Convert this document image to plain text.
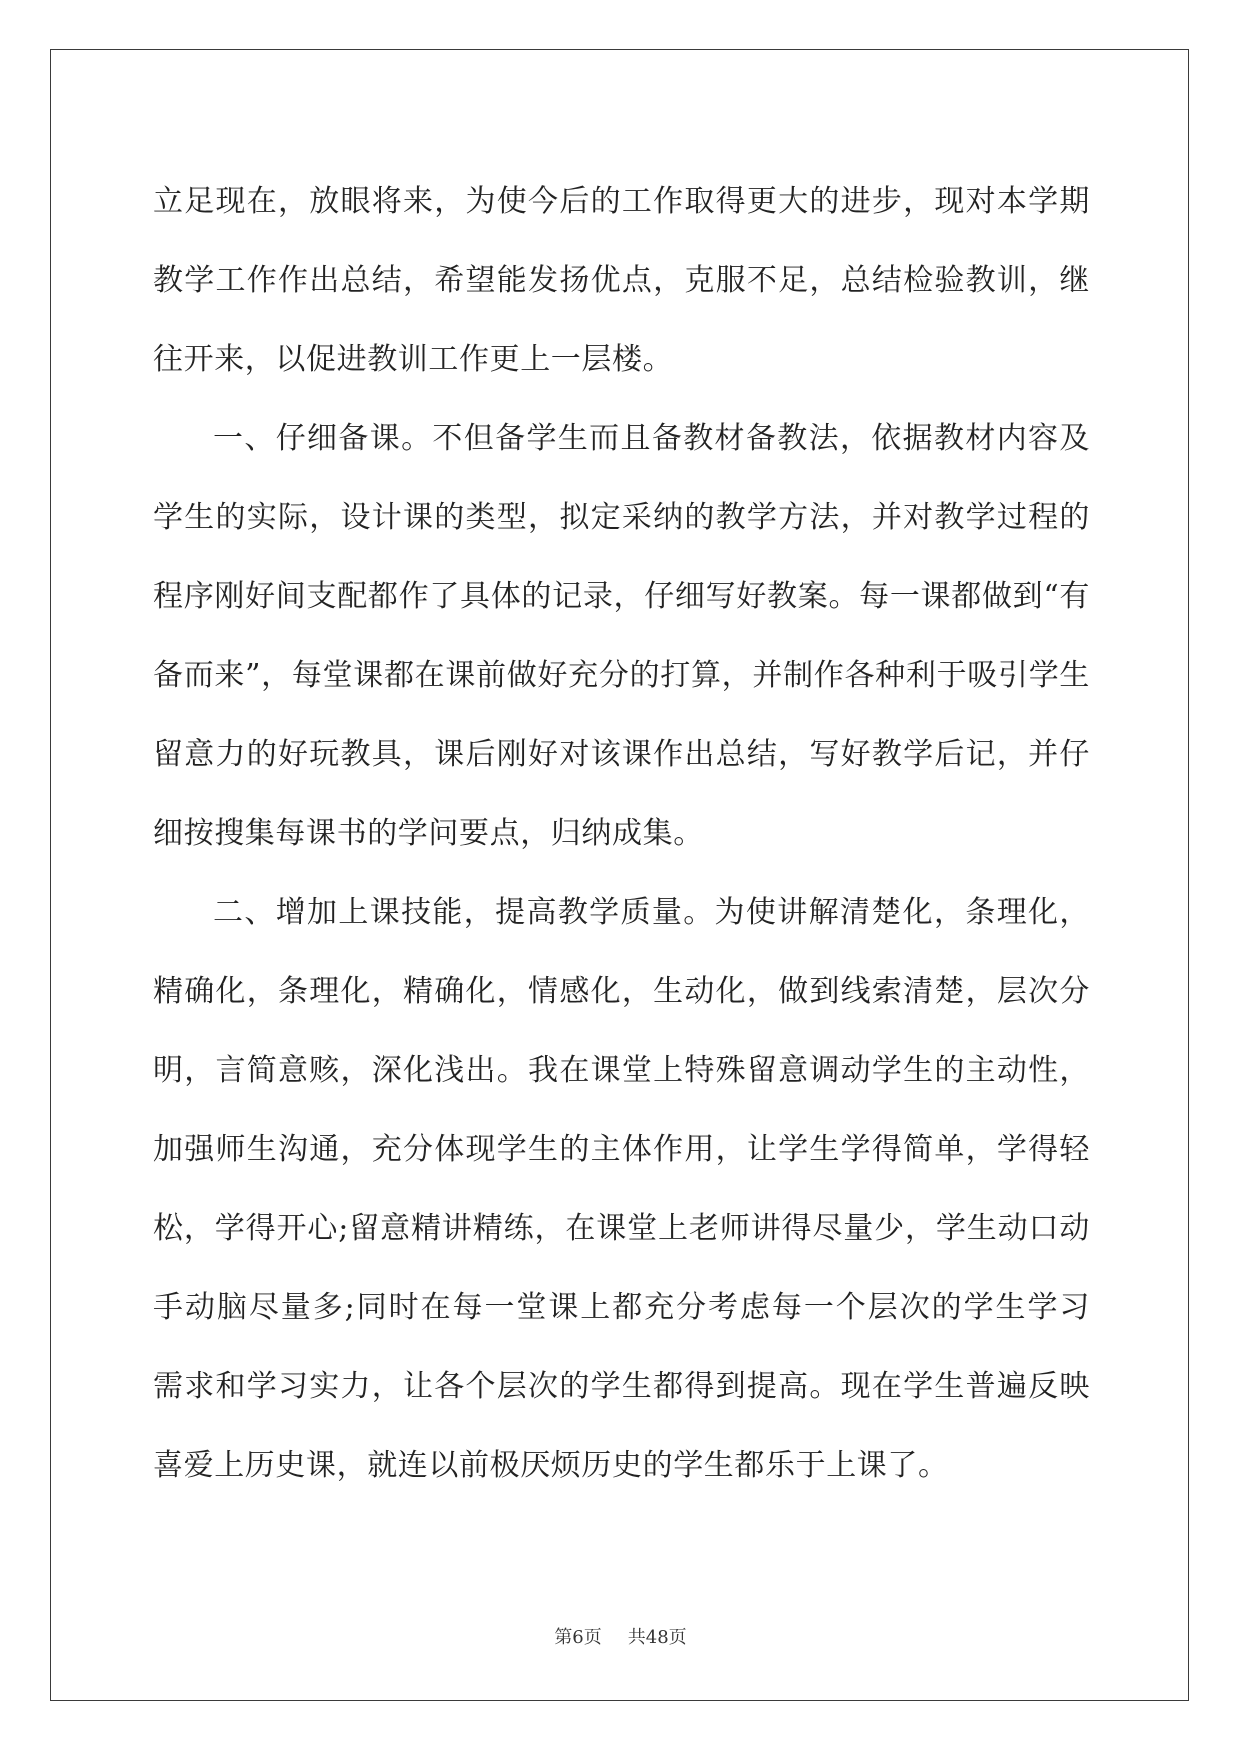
立足现在，放眼将来，为使今后的工作取得更大的进步，现对本学期
教学工作作出总结，希望能发扬优点，克服不足，总结检验教训，继
往开来，以促进教训工作更上一层楼。

一、仔细备课。不但备学生而且备教材备教法，依据教材内容及
学生的实际，设计课的类型，拟定采纳的教学方法，并对教学过程的
程序刚好间支配都作了具体的记录，仔细写好教案。每一课都做到“有
备而来”，每堂课都在课前做好充分的打算，并制作各种利于吸引学生
留意力的好玩教具，课后刚好对该课作出总结，写好教学后记，并仔
细按搜集每课书的学问要点，归纳成集。

二、增加上课技能，提高教学质量。为使讲解清楚化，条理化，
精确化，条理化，精确化，情感化，生动化，做到线索清楚，层次分
明，言简意赅，深化浅出。我在课堂上特殊留意调动学生的主动性，
加强师生沟通，充分体现学生的主体作用，让学生学得简单，学得轻
松，学得开心;留意精讲精练，在课堂上老师讲得尽量少，学生动口动
手动脑尽量多;同时在每一堂课上都充分考虑每一个层次的学生学习
需求和学习实力，让各个层次的学生都得到提高。现在学生普遍反映
喜爱上历史课，就连以前极厌烦历史的学生都乐于上课了。

第6页 共48页
